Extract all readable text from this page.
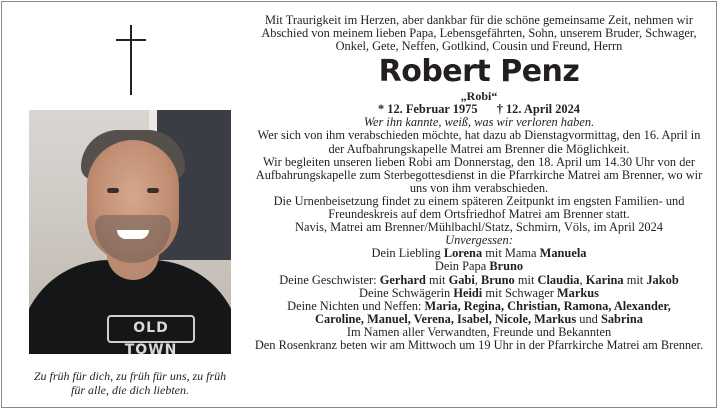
OLD TOWN
Zu früh für dich, zu früh für uns, zu früh für alle, die dich liebten.

Mit Traurigkeit im Herzen, aber dankbar für die schöne gemeinsame Zeit, nehmen wir Abschied von meinem lieben Papa, Lebensgefährten, Sohn, unserem Bruder, Schwager, Onkel, Gete, Neffen, Gotlkind, Cousin und Freund, Herrn

Robert Penz

„Robi“

* 12. Februar 1975 † 12. April 2024

Wer ihn kannte, weiß, was wir verloren haben.

Wer sich von ihm verabschieden möchte, hat dazu ab Dienstagvormittag, den 16. April in der Aufbahrungskapelle Matrei am Brenner die Möglichkeit.

Wir begleiten unseren lieben Robi am Donnerstag, den 18. April um 14.30 Uhr von der Aufbahrungskapelle zum Sterbegottesdienst in die Pfarrkirche Matrei am Brenner, wo wir uns von ihm verabschieden.

Die Urnenbeisetzung findet zu einem späteren Zeitpunkt im engsten Familien- und Freundeskreis auf dem Ortsfriedhof Matrei am Brenner statt.

Navis, Matrei am Brenner/Mühlbachl/Statz, Schmirn, Völs, im April 2024

Unvergessen:

Dein Liebling Lorena mit Mama Manuela

Dein Papa Bruno

Deine Geschwister: Gerhard mit Gabi, Bruno mit Claudia, Karina mit Jakob

Deine Schwägerin Heidi mit Schwager Markus

Deine Nichten und Neffen: Maria, Regina, Christian, Ramona, Alexander,
Caroline, Manuel, Verena, Isabel, Nicole, Markus und Sabrina

Im Namen aller Verwandten, Freunde und Bekannten

Den Rosenkranz beten wir am Mittwoch um 19 Uhr in der Pfarrkirche Matrei am Brenner.
